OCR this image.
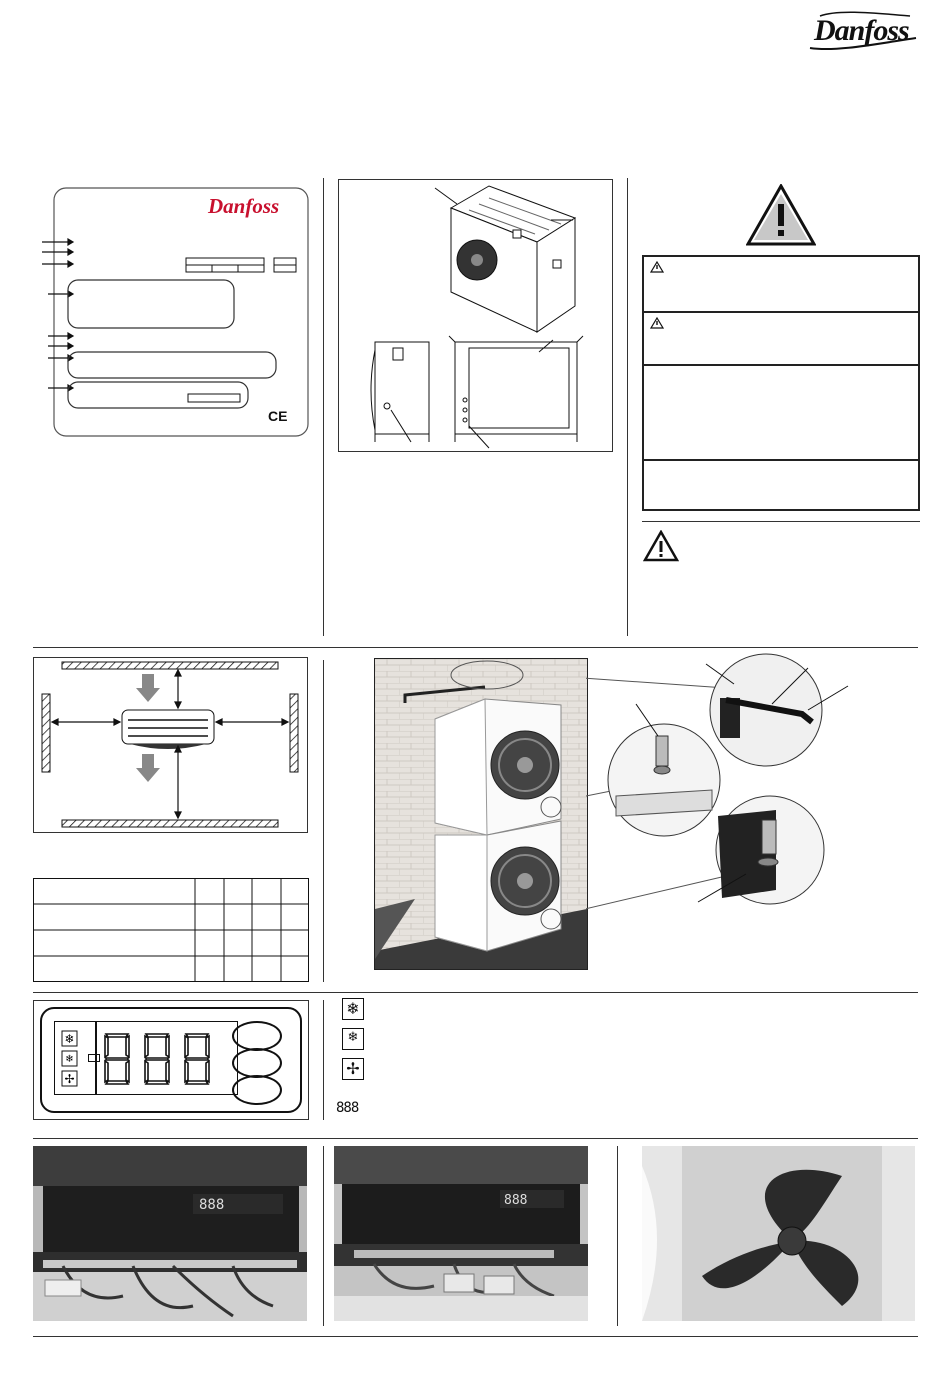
Danfoss
Danfoss
CE
❄
❄
✢
❄
❄
✢
888
888	888
